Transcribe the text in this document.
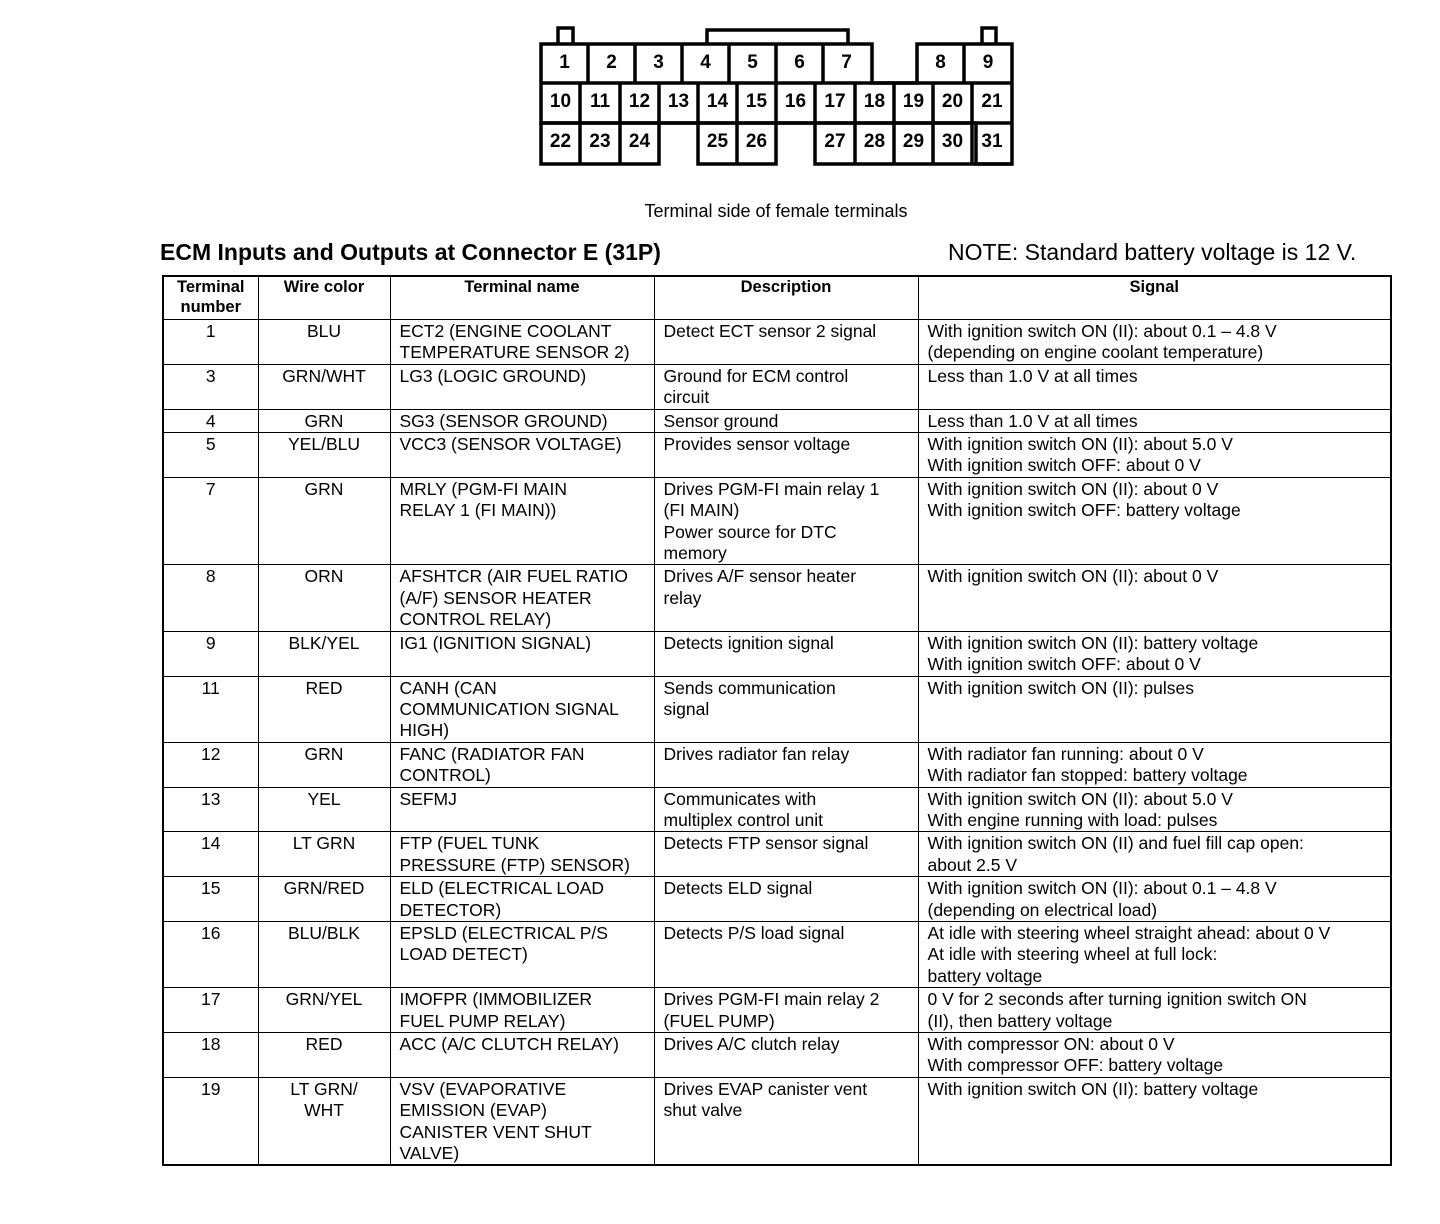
1	2	3	4	5	6	7	8	9
10 11 12 13 14 15 16 17 18 19 20 21
22 23 24	25 26	27 28 29 30 31
Terminal side of female terminals
ECM Inputs and Outputs at Connector E (31P)	NOTE: Standard battery voltage is 12 V.
Terminal
number	Wire color	Terminal name	Description	Signal
1	BLU	ECT2 (ENGINE COOLANT
TEMPERATURE SENSOR 2)	Detect ECT sensor 2 signal	With ignition switch ON (II): about 0.1 – 4.8 V
(depending on engine coolant temperature)
3	GRN/WHT	LG3 (LOGIC GROUND)	Ground for ECM control
circuit	Less than 1.0 V at all times
4	GRN	SG3 (SENSOR GROUND)	Sensor ground	Less than 1.0 V at all times
5	YEL/BLU	VCC3 (SENSOR VOLTAGE)	Provides sensor voltage	With ignition switch ON (II): about 5.0 V
With ignition switch OFF: about 0 V
7	GRN	MRLY (PGM-FI MAIN
RELAY 1 (FI MAIN))	Drives PGM-FI main relay 1
(FI MAIN)
Power source for DTC
memory	With ignition switch ON (II): about 0 V
With ignition switch OFF: battery voltage
8	ORN	AFSHTCR (AIR FUEL RATIO
(A/F) SENSOR HEATER
CONTROL RELAY)	Drives A/F sensor heater
relay	With ignition switch ON (II): about 0 V
9	BLK/YEL	IG1 (IGNITION SIGNAL)	Detects ignition signal	With ignition switch ON (II): battery voltage
With ignition switch OFF: about 0 V
11	RED	CANH (CAN
COMMUNICATION SIGNAL
HIGH)	Sends communication
signal	With ignition switch ON (II): pulses
12	GRN	FANC (RADIATOR FAN
CONTROL)	Drives radiator fan relay	With radiator fan running: about 0 V
With radiator fan stopped: battery voltage
13	YEL	SEFMJ	Communicates with
multiplex control unit	With ignition switch ON (II): about 5.0 V
With engine running with load: pulses
14	LT GRN	FTP (FUEL TUNK
PRESSURE (FTP) SENSOR)	Detects FTP sensor signal	With ignition switch ON (II) and fuel fill cap open:
about 2.5 V
15	GRN/RED	ELD (ELECTRICAL LOAD
DETECTOR)	Detects ELD signal	With ignition switch ON (II): about 0.1 – 4.8 V
(depending on electrical load)
16	BLU/BLK	EPSLD (ELECTRICAL P/S
LOAD DETECT)	Detects P/S load signal	At idle with steering wheel straight ahead: about 0 V
At idle with steering wheel at full lock:
battery voltage
17	GRN/YEL	IMOFPR (IMMOBILIZER
FUEL PUMP RELAY)	Drives PGM-FI main relay 2
(FUEL PUMP)	0 V for 2 seconds after turning ignition switch ON
(II), then battery voltage
18	RED	ACC (A/C CLUTCH RELAY)	Drives A/C clutch relay	With compressor ON: about 0 V
With compressor OFF: battery voltage
19	LT GRN/
WHT	VSV (EVAPORATIVE
EMISSION (EVAP)
CANISTER VENT SHUT
VALVE)	Drives EVAP canister vent
shut valve	With ignition switch ON (II): battery voltage
